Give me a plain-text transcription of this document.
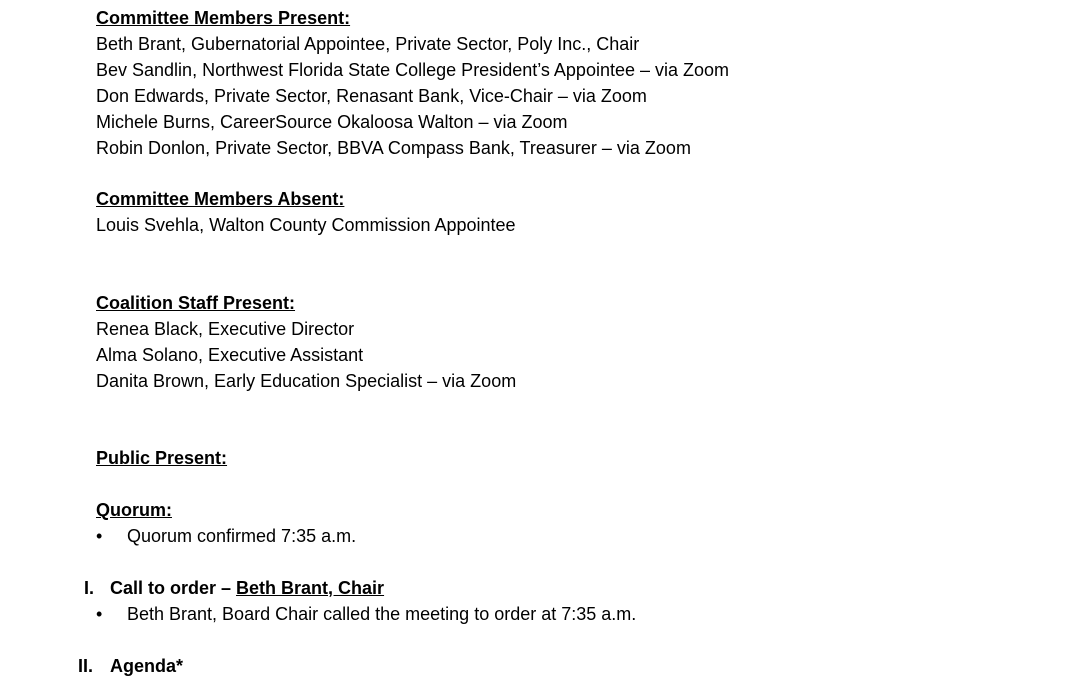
Committee Members Present:
Beth Brant, Gubernatorial Appointee, Private Sector, Poly Inc., Chair
Bev Sandlin, Northwest Florida State College President’s Appointee – via Zoom
Don Edwards, Private Sector, Renasant Bank, Vice-Chair – via Zoom
Michele Burns, CareerSource Okaloosa Walton – via Zoom
Robin Donlon, Private Sector, BBVA Compass Bank, Treasurer – via Zoom
Committee Members Absent:
Louis Svehla, Walton County Commission Appointee
Coalition Staff Present:
Renea Black, Executive Director
Alma Solano, Executive Assistant
Danita Brown, Early Education Specialist – via Zoom
Public Present:
Quorum:
•	Quorum confirmed 7:35 a.m.
I. Call to order – Beth Brant, Chair
•	Beth Brant, Board Chair called the meeting to order at 7:35 a.m.
II. Agenda*
